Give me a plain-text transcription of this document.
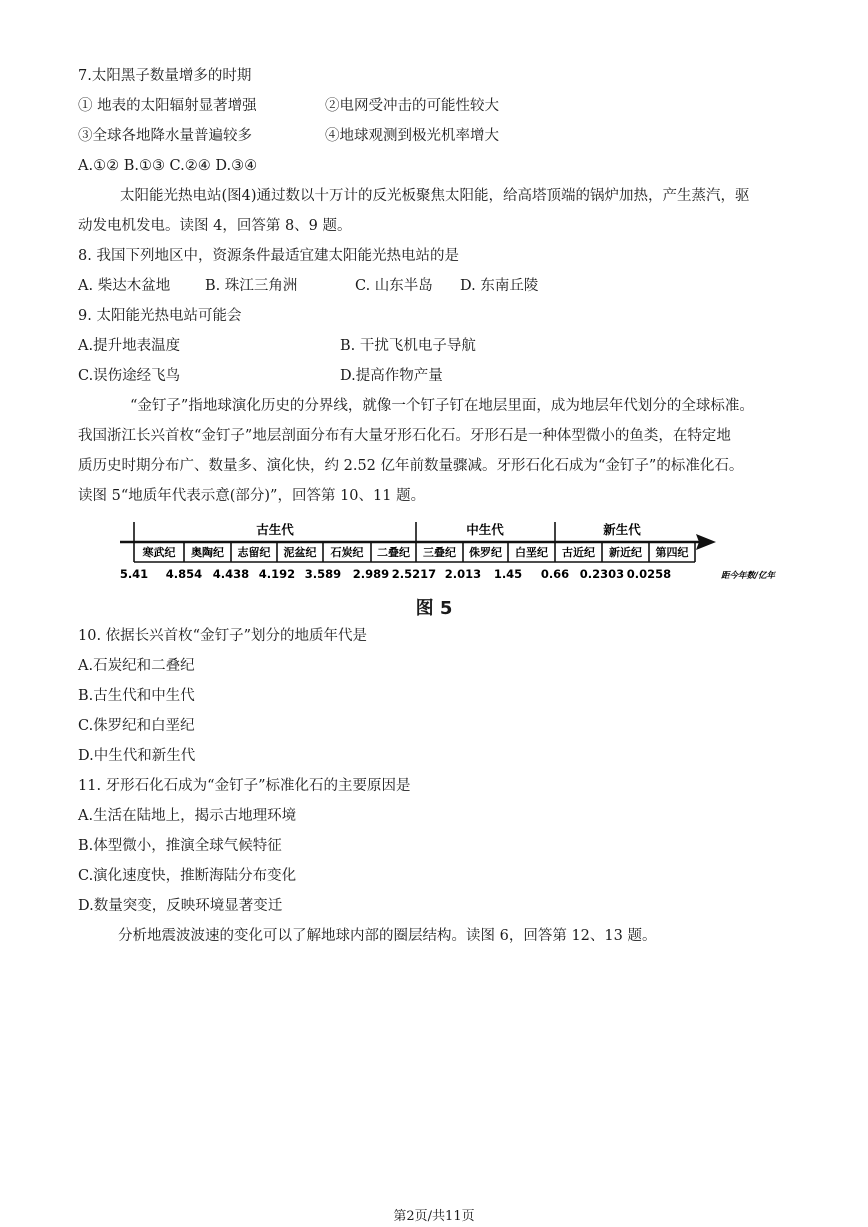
7.太阳黑子数量增多的时期
① 地表的太阳辐射显著增强	②电网受冲击的可能性较大
③全球各地降水量普遍较多	④地球观测到极光机率增大
A.①② B.①③ C.②④ D.③④
太阳能光热电站(图4)通过数以十万计的反光板聚焦太阳能，给高塔顶端的锅炉加热，产生蒸汽，驱
动发电机发电。读图 4，回答第 8、9 题。
8. 我国下列地区中，资源条件最适宜建太阳能光热电站的是
A. 柴达木盆地 B. 珠江三角洲	C. 山东半岛 D. 东南丘陵
9. 太阳能光热电站可能会
A.提升地表温度	B. 干扰飞机电子导航
C.误伤途经飞鸟	D.提高作物产量
“金钉子”指地球演化历史的分界线，就像一个钉子钉在地层里面，成为地层年代划分的全球标准。
我国浙江长兴首枚“金钉子”地层剖面分布有大量牙形石化石。牙形石是一种体型微小的鱼类，在特定地
质历史时期分布广、数量多、演化快，约 2.52 亿年前数量骤减。牙形石化石成为“金钉子”的标准化石。
读图 5“地质年代表示意(部分)”，回答第 10、11 题。
古生代	中生代	新生代
寒武纪 奥陶纪 志留纪 泥盆纪 石炭纪 二叠纪 三叠纪 侏罗纪 白垩纪 古近纪 新近纪 第四纪
5.41 4.854 4.438 4.192 3.589 2.989 2.5217 2.013 1.45 0.66 0.2303 0.0258	距今年数/亿年
图 5
10. 依据长兴首枚“金钉子”划分的地质年代是
A.石炭纪和二叠纪
B.古生代和中生代
C.侏罗纪和白垩纪
D.中生代和新生代
11. 牙形石化石成为“金钉子”标准化石的主要原因是
A.生活在陆地上，揭示古地理环境
B.体型微小，推演全球气候特征
C.演化速度快，推断海陆分布变化
D.数量突变，反映环境显著变迁
分析地震波波速的变化可以了解地球内部的圈层结构。读图 6，回答第 12、13 题。
第2页/共11页
